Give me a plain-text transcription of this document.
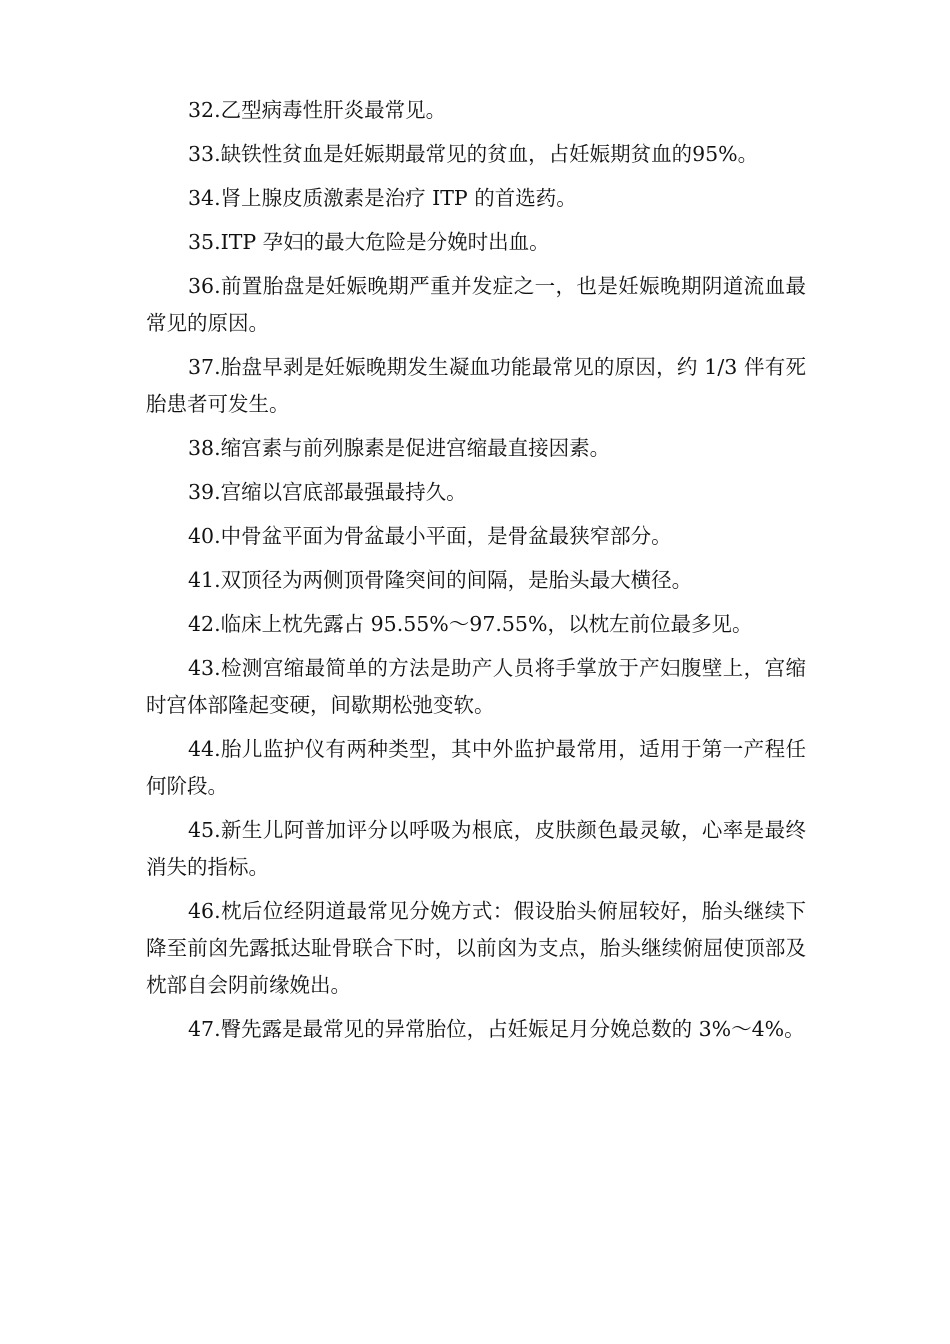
32.乙型病毒性肝炎最常见。

33.缺铁性贫血是妊娠期最常见的贫血，占妊娠期贫血的95%。

34.肾上腺皮质激素是治疗 ITP 的首选药。

35.ITP 孕妇的最大危险是分娩时出血。

36.前置胎盘是妊娠晚期严重并发症之一，也是妊娠晚期阴道流血最常见的原因。

37.胎盘早剥是妊娠晚期发生凝血功能最常见的原因，约 1/3 伴有死胎患者可发生。

38.缩宫素与前列腺素是促进宫缩最直接因素。

39.宫缩以宫底部最强最持久。

40.中骨盆平面为骨盆最小平面，是骨盆最狭窄部分。

41.双顶径为两侧顶骨隆突间的间隔，是胎头最大横径。

42.临床上枕先露占 95.55%～97.55%，以枕左前位最多见。

43.检测宫缩最简单的方法是助产人员将手掌放于产妇腹壁上，宫缩时宫体部隆起变硬，间歇期松弛变软。

44.胎儿监护仪有两种类型，其中外监护最常用，适用于第一产程任何阶段。

45.新生儿阿普加评分以呼吸为根底，皮肤颜色最灵敏，心率是最终消失的指标。

46.枕后位经阴道最常见分娩方式：假设胎头俯屈较好，胎头继续下降至前囟先露抵达耻骨联合下时，以前囟为支点，胎头继续俯屈使顶部及枕部自会阴前缘娩出。

47.臀先露是最常见的异常胎位，占妊娠足月分娩总数的 3%～4%。
